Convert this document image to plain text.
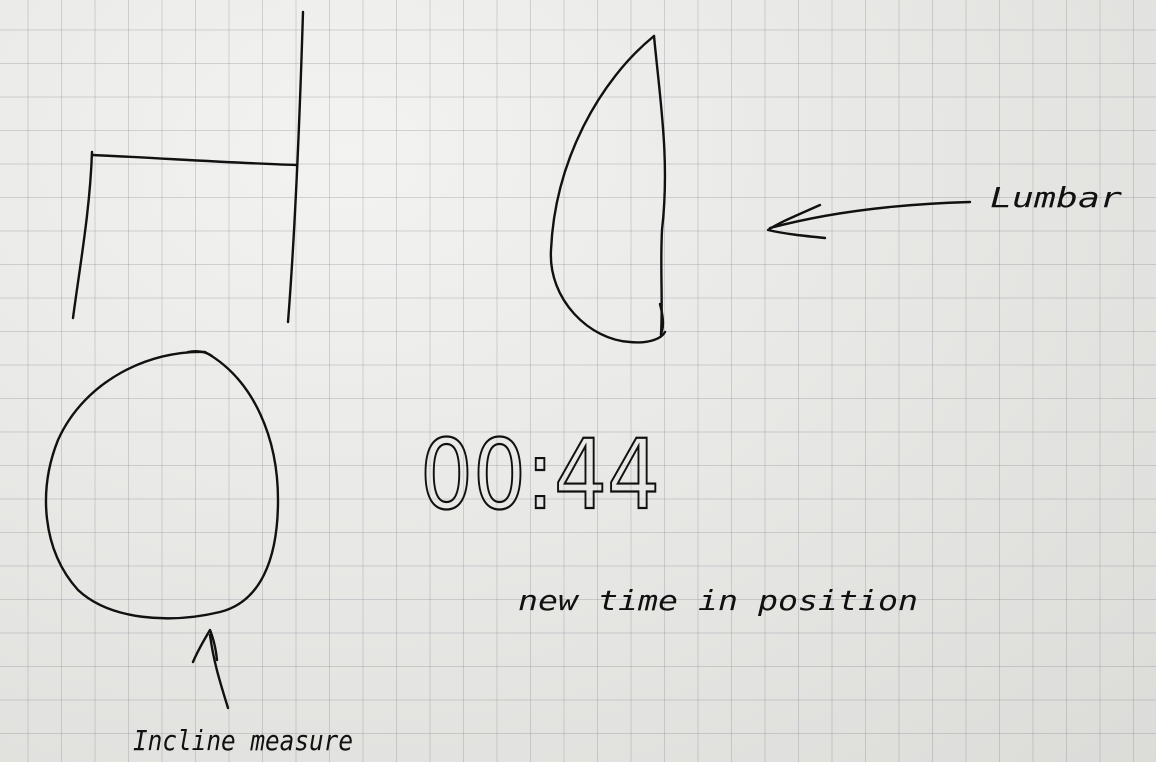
00:44
Lumbar
new time in position
Incline measure
